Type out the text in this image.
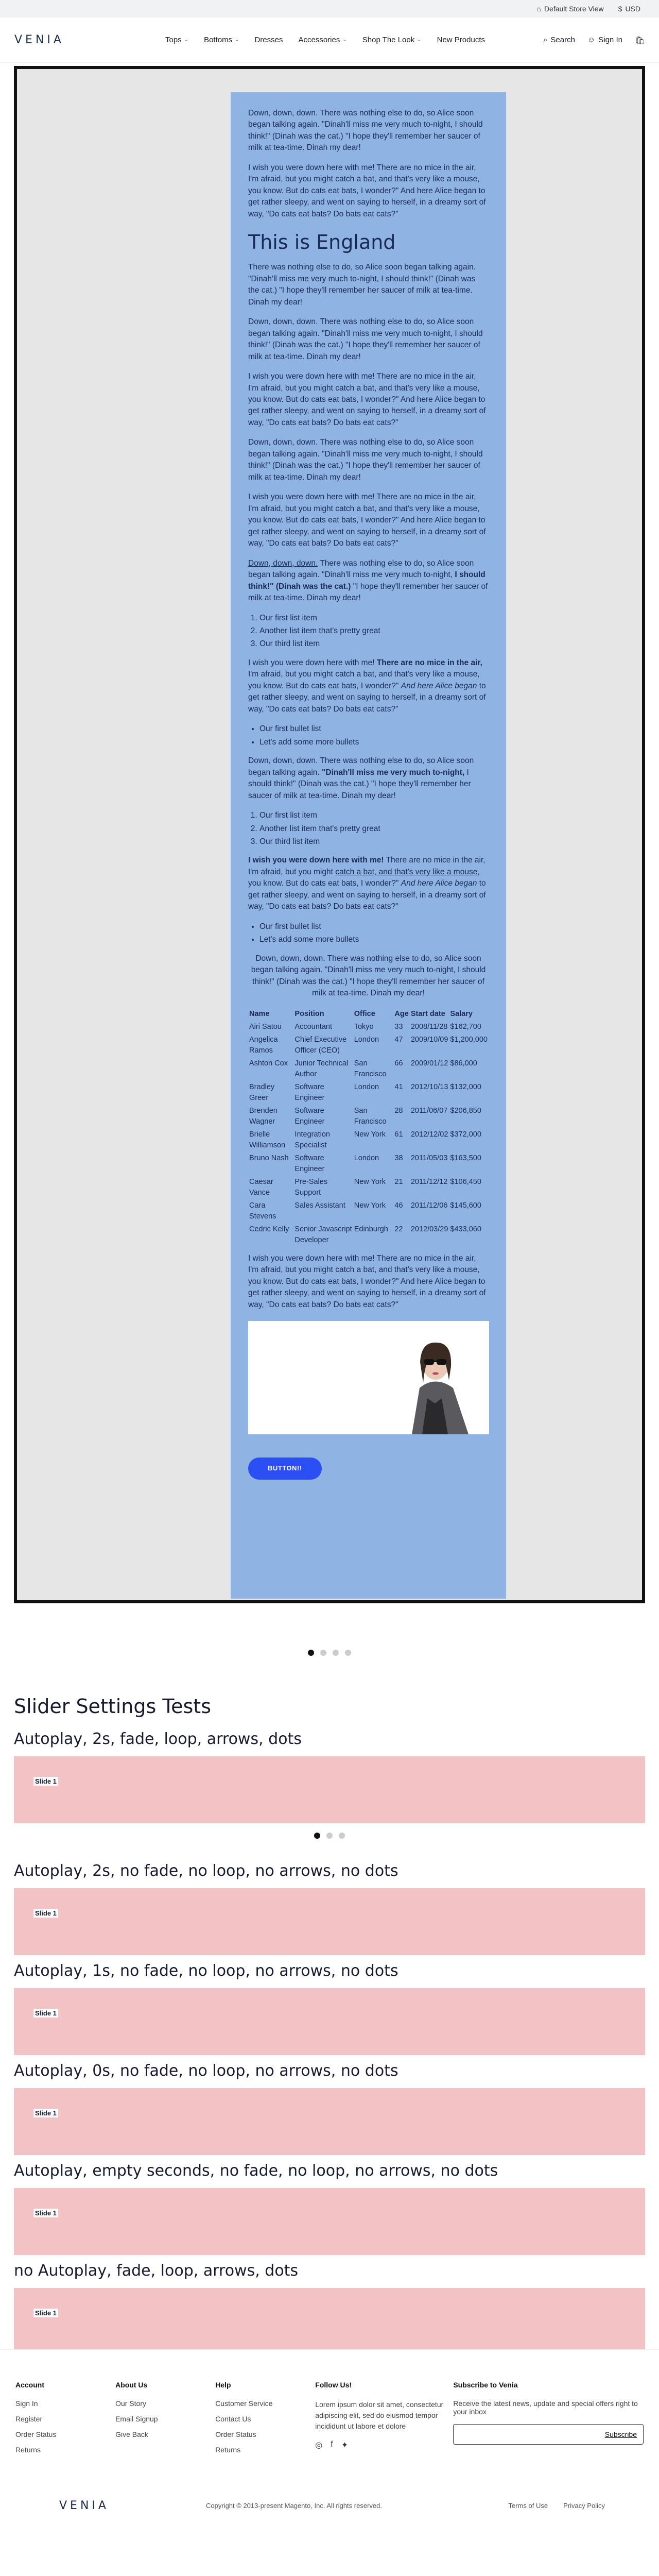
⌂ Default Store View $ USD
VENIA	Tops ⌄ Bottoms ⌄ Dresses Accessories ⌄ Shop The Look ⌄ New Products	⌕ Search ☺ Sign In 🛍

Down, down, down. There was nothing else to do, so Alice soon began talking again. "Dinah'll miss me very much to-night, I should think!" (Dinah was the cat.) "I hope they'll remember her saucer of milk at tea-time. Dinah my dear!

I wish you were down here with me! There are no mice in the air, I'm afraid, but you might catch a bat, and that's very like a mouse, you know. But do cats eat bats, I wonder?" And here Alice began to get rather sleepy, and went on saying to herself, in a dreamy sort of way, "Do cats eat bats? Do bats eat cats?"

This is England

There was nothing else to do, so Alice soon began talking again. "Dinah'll miss me very much to-night, I should think!" (Dinah was the cat.) "I hope they'll remember her saucer of milk at tea-time. Dinah my dear!

Down, down, down. There was nothing else to do, so Alice soon began talking again. "Dinah'll miss me very much to-night, I should think!" (Dinah was the cat.) "I hope they'll remember her saucer of milk at tea-time. Dinah my dear!

I wish you were down here with me! There are no mice in the air, I'm afraid, but you might catch a bat, and that's very like a mouse, you know. But do cats eat bats, I wonder?" And here Alice began to get rather sleepy, and went on saying to herself, in a dreamy sort of way, "Do cats eat bats? Do bats eat cats?"

Down, down, down. There was nothing else to do, so Alice soon began talking again. "Dinah'll miss me very much to-night, I should think!" (Dinah was the cat.) "I hope they'll remember her saucer of milk at tea-time. Dinah my dear!

I wish you were down here with me! There are no mice in the air, I'm afraid, but you might catch a bat, and that's very like a mouse, you know. But do cats eat bats, I wonder?" And here Alice began to get rather sleepy, and went on saying to herself, in a dreamy sort of way, "Do cats eat bats? Do bats eat cats?"

Down, down, down. There was nothing else to do, so Alice soon began talking again. "Dinah'll miss me very much to-night, I should think!" (Dinah was the cat.) "I hope they'll remember her saucer of milk at tea-time. Dinah my dear!

1. Our first list item
2. Another list item that's pretty great
3. Our third list item

I wish you were down here with me! There are no mice in the air, I'm afraid, but you might catch a bat, and that's very like a mouse, you know. But do cats eat bats, I wonder?" And here Alice began to get rather sleepy, and went on saying to herself, in a dreamy sort of way, "Do cats eat bats? Do bats eat cats?"

• Our first bullet list
• Let's add some more bullets

Down, down, down. There was nothing else to do, so Alice soon began talking again. "Dinah'll miss me very much to-night, I should think!" (Dinah was the cat.) "I hope they'll remember her saucer of milk at tea-time. Dinah my dear!

1. Our first list item
2. Another list item that's pretty great
3. Our third list item

I wish you were down here with me! There are no mice in the air, I'm afraid, but you might catch a bat, and that's very like a mouse, you know. But do cats eat bats, I wonder?" And here Alice began to get rather sleepy, and went on saying to herself, in a dreamy sort of way, "Do cats eat bats? Do bats eat cats?"

• Our first bullet list
• Let's add some more bullets

Down, down, down. There was nothing else to do, so Alice soon began talking again. "Dinah'll miss me very much to-night, I should think!" (Dinah was the cat.) "I hope they'll remember her saucer of milk at tea-time. Dinah my dear!

Name	Position	Office	Age	Start date	Salary
Airi Satou	Accountant	Tokyo	33	2008/11/28	$162,700
Angelica Ramos	Chief Executive Officer (CEO)	London	47	2009/10/09	$1,200,000
Ashton Cox	Junior Technical Author	San Francisco	66	2009/01/12	$86,000
Bradley Greer	Software Engineer	London	41	2012/10/13	$132,000
Brenden Wagner	Software Engineer	San Francisco	28	2011/06/07	$206,850
Brielle Williamson	Integration Specialist	New York	61	2012/12/02	$372,000
Bruno Nash	Software Engineer	London	38	2011/05/03	$163,500
Caesar Vance	Pre-Sales Support	New York	21	2011/12/12	$106,450
Cara Stevens	Sales Assistant	New York	46	2011/12/06	$145,600
Cedric Kelly	Senior Javascript Developer	Edinburgh	22	2012/03/29	$433,060

I wish you were down here with me! There are no mice in the air, I'm afraid, but you might catch a bat, and that's very like a mouse, you know. But do cats eat bats, I wonder?" And here Alice began to get rather sleepy, and went on saying to herself, in a dreamy sort of way, "Do cats eat bats? Do bats eat cats?"

BUTTON!!
Slider Settings Tests
Autoplay, 2s, fade, loop, arrows, dots
Slide 1
Autoplay, 2s, no fade, no loop, no arrows, no dots
Slide 1
Autoplay, 1s, no fade, no loop, no arrows, no dots
Slide 1
Autoplay, 0s, no fade, no loop, no arrows, no dots
Slide 1
Autoplay, empty seconds, no fade, no loop, no arrows, no dots
Slide 1
no Autoplay, fade, loop, arrows, dots
Slide 1
Account
Sign In
Register
Order Status
Returns
About Us
Our Story
Email Signup
Give Back
Help
Customer Service
Contact Us
Order Status
Returns
Follow Us!

Lorem ipsum dolor sit amet, consectetur adipiscing elit, sed do eiusmod tempor incididunt ut labore et dolore

◎ f ✦
Subscribe to Venia

Receive the latest news, update and special offers right to your inbox

Subscribe
VENIA	Copyright © 2013-present Magento, Inc. All rights reserved.	Terms of Use Privacy Policy
